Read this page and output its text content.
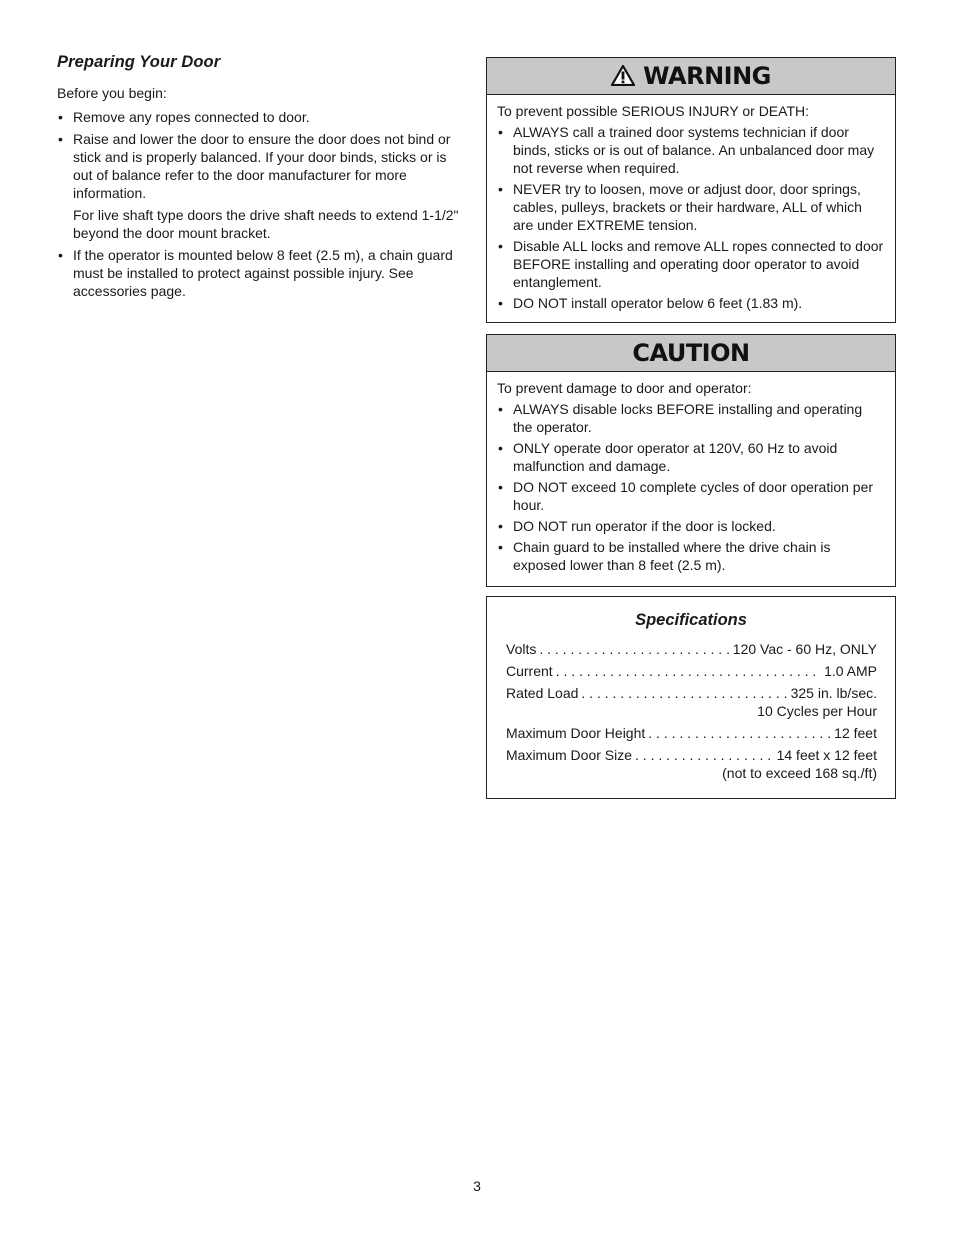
Preparing Your Door

Before you begin:

• Remove any ropes connected to door.
• Raise and lower the door to ensure the door does not bind or stick and is properly balanced. If your door binds, sticks or is out of balance refer to the door manufacturer for more information.

For live shaft type doors the drive shaft needs to extend 1-1/2" beyond the door mount bracket.

• If the operator is mounted below 8 feet (2.5 m), a chain guard must be installed to protect against possible injury. See accessories page.
WARNING

To prevent possible SERIOUS INJURY or DEATH:

• ALWAYS call a trained door systems technician if door binds, sticks or is out of balance. An unbalanced door may not reverse when required.
• NEVER try to loosen, move or adjust door, door springs, cables, pulleys, brackets or their hardware, ALL of which are under EXTREME tension.
• Disable ALL locks and remove ALL ropes connected to door BEFORE installing and operating door operator to avoid entanglement.
• DO NOT install operator below 6 feet (1.83 m).
CAUTION

To prevent damage to door and operator:

• ALWAYS disable locks BEFORE installing and operating the operator.
• ONLY operate door operator at 120V, 60 Hz to avoid malfunction and damage.
• DO NOT exceed 10 complete cycles of door operation per hour.
• DO NOT run operator if the door is locked.
• Chain guard to be installed where the drive chain is exposed lower than 8 feet (2.5 m).
Specifications
Volts . . .	120 Vac - 60 Hz, ONLY
Current . . .	1.0 AMP
Rated Load . . .	325 in. lb/sec.
10 Cycles per Hour
Maximum Door Height . . .	12 feet
Maximum Door Size . . .	14 feet x 12 feet
(not to exceed 168 sq./ft)
3
